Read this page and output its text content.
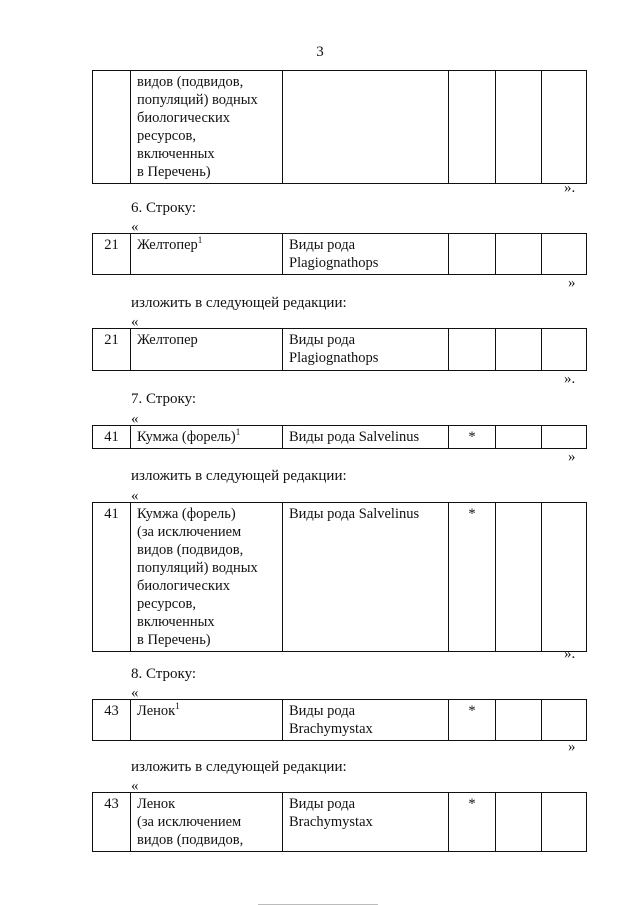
3
	видов (подвидов,
популяций) водных
биологических
ресурсов,
включенных
в Перечень)				
».
6. Строку:
«
21	Желтопер$^1$	Виды рода
Plagiognathops			
»
изложить в следующей редакции:
«
21	Желтопер	Виды рода
Plagiognathops			
».
7. Строку:
«
41	Кумжа (форель)$^1$	Виды рода Salvelinus	*		
»
изложить в следующей редакции:
«
41	Кумжа (форель)
(за исключением
видов (подвидов,
популяций) водных
биологических
ресурсов,
включенных
в Перечень)	Виды рода Salvelinus	*		
».
8. Строку:
«
43	Ленок$^1$	Виды рода
Brachymystax	*		
»
изложить в следующей редакции:
«
43	Ленок
(за исключением
видов (подвидов,	Виды рода
Brachymystax	*		
